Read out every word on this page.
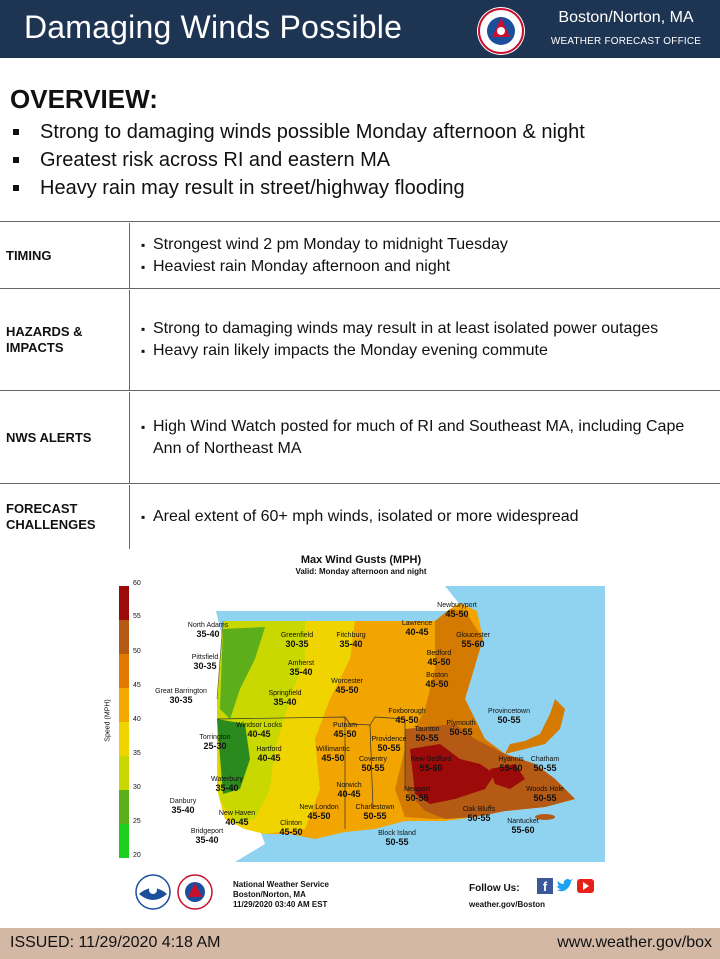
Damaging Winds Possible	Boston/Norton, MA
WEATHER FORECAST OFFICE
OVERVIEW:
Strong to damaging winds possible Monday afternoon & night
Greatest risk across RI and eastern MA
Heavy rain may result in street/highway flooding
TIMING
▪ Strongest wind 2 pm Monday to midnight Tuesday
▪ Heaviest rain Monday afternoon and night
HAZARDS &
IMPACTS
▪ Strong to damaging winds may result in at least isolated power outages
▪ Heavy rain likely impacts the Monday evening commute
NWS ALERTS
▪ High Wind Watch posted for much of RI and Southeast MA, including Cape Ann of Northeast MA
FORECAST
CHALLENGES
▪	Areal extent of 60+ mph winds, isolated or more widespread
60
55
50
45
40
35
30
25
20
Speed (MPH)
Max Wind Gusts (MPH)
Valid: Monday afternoon and night
Newburyport
45-50
North Adams
35-40
Lawrence
40-45
Greenfield
30-35
Fitchburg
35-40
Gloucester
55-60
Pittsfield
30-35
Bedford
45-50
Amherst
35-40	Boston
45-50
Worcester
45-50
Great Barrington
30-35
Springfield
35-40
Foxborough
45-50
Provincetown
50-55
Plymouth
50-55
Windsor Locks
40-45
Putnam
45-50	Taunton
50-55
Torrington
25-30
Providence
50-55
Hartford
40-45
Willimantic
45-50	Coventry
50-55
New Bedford
55-60
Hyannis
55-60
Chatham
50-55
Waterbury
35-40	Norwich
40-45	Newport
50-55
Woods Hole
50-55
Danbury
35-40	New London
45-50
Charlestown
50-55
New Haven
40-45
Oak Bluffs
50-55
Clinton
45-50
Bridgeport
35-40
Block Island
50-55
Nantucket
55-60
National Weather Service
Boston/Norton, MA
11/29/2020 03:40 AM EST
Follow Us:	f
weather.gov/Boston
ISSUED: 11/29/2020 4:18 AM	www.weather.gov/box
